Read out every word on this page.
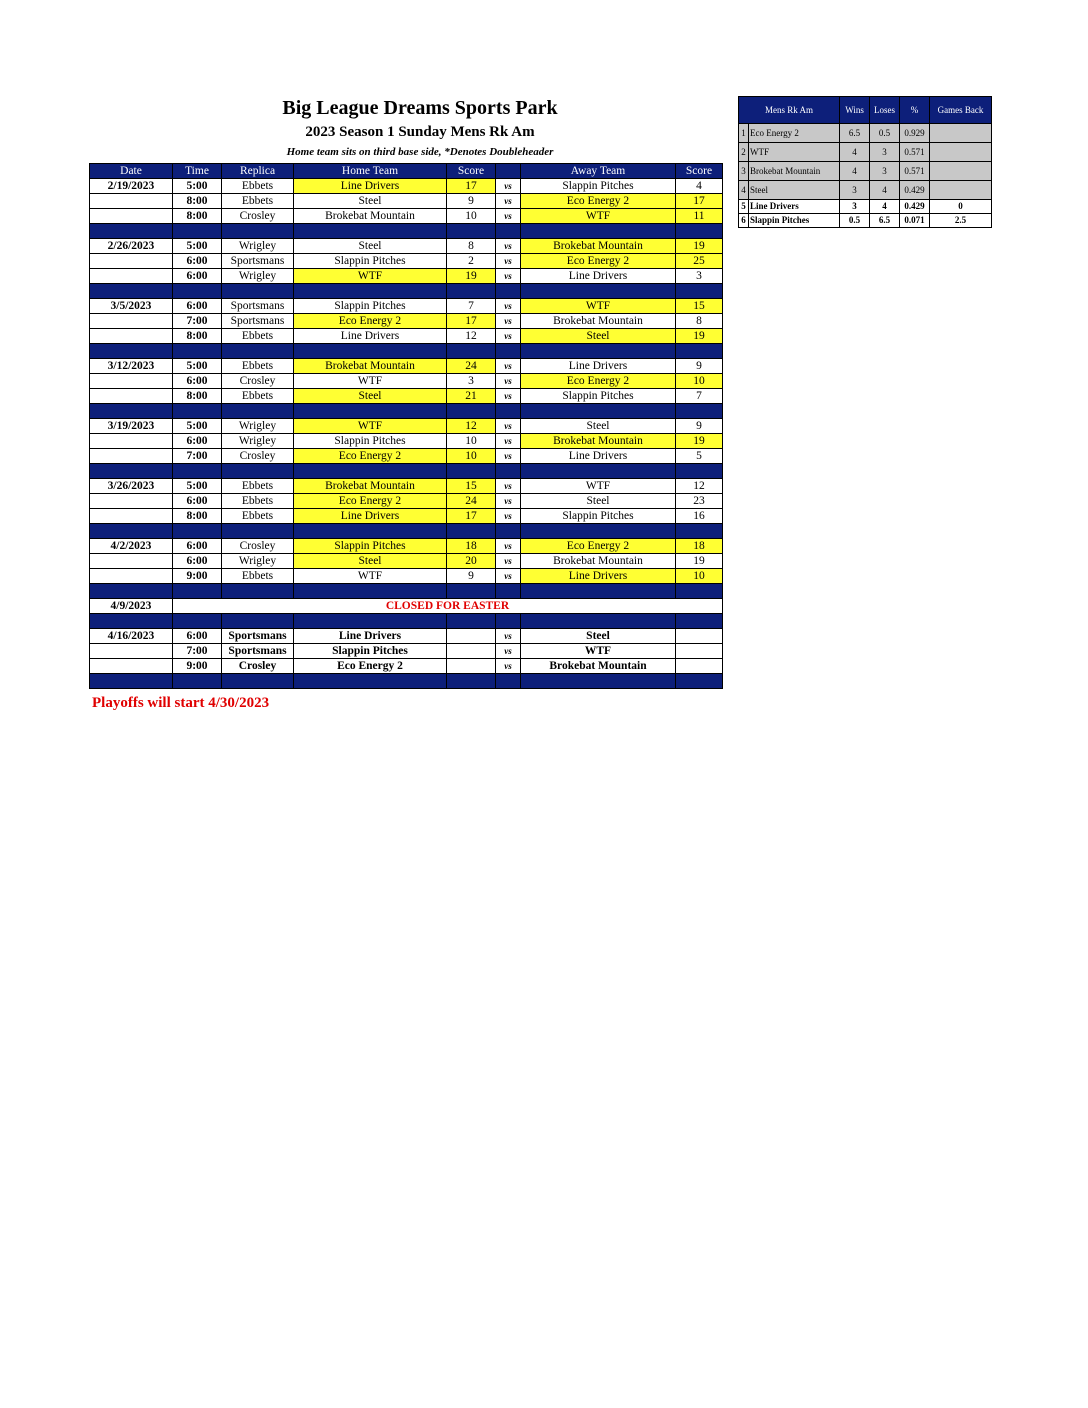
Big League Dreams Sports Park
2023 Season 1 Sunday Mens Rk Am
Home team sits on third base side, *Denotes Doubleheader
Date	Time	Replica	Home Team	Score		Away Team	Score
2/19/2023	5:00	Ebbets	Line Drivers	17	vs	Slappin Pitches	4
	8:00	Ebbets	Steel	9	vs	Eco Energy 2	17
	8:00	Crosley	Brokebat Mountain	10	vs	WTF	11

2/26/2023	5:00	Wrigley	Steel	8	vs	Brokebat Mountain	19
	6:00	Sportsmans	Slappin Pitches	2	vs	Eco Energy 2	25
	6:00	Wrigley	WTF	19	vs	Line Drivers	3

3/5/2023	6:00	Sportsmans	Slappin Pitches	7	vs	WTF	15
	7:00	Sportsmans	Eco Energy 2	17	vs	Brokebat Mountain	8
	8:00	Ebbets	Line Drivers	12	vs	Steel	19

3/12/2023	5:00	Ebbets	Brokebat Mountain	24	vs	Line Drivers	9
	6:00	Crosley	WTF	3	vs	Eco Energy 2	10
	8:00	Ebbets	Steel	21	vs	Slappin Pitches	7

3/19/2023	5:00	Wrigley	WTF	12	vs	Steel	9
	6:00	Wrigley	Slappin Pitches	10	vs	Brokebat Mountain	19
	7:00	Crosley	Eco Energy 2	10	vs	Line Drivers	5

3/26/2023	5:00	Ebbets	Brokebat Mountain	15	vs	WTF	12
	6:00	Ebbets	Eco Energy 2	24	vs	Steel	23
	8:00	Ebbets	Line Drivers	17	vs	Slappin Pitches	16

4/2/2023	6:00	Crosley	Slappin Pitches	18	vs	Eco Energy 2	18
	6:00	Wrigley	Steel	20	vs	Brokebat Mountain	19
	9:00	Ebbets	WTF	9	vs	Line Drivers	10

4/9/2023	CLOSED FOR EASTER						

4/16/2023	6:00	Sportsmans	Line Drivers		vs	Steel	
	7:00	Sportsmans	Slappin Pitches		vs	WTF	
	9:00	Crosley	Eco Energy 2		vs	Brokebat Mountain	

Mens Rk Am		Wins	Loses	%	Games Back
1	Eco Energy 2	6.5	0.5	0.929	
2	WTF	4	3	0.571	
3	Brokebat Mountain	4	3	0.571	
4	Steel	3	4	0.429	
5	Line Drivers	3	4	0.429	0
6	Slappin Pitches	0.5	6.5	0.071	2.5
Playoffs will start 4/30/2023
